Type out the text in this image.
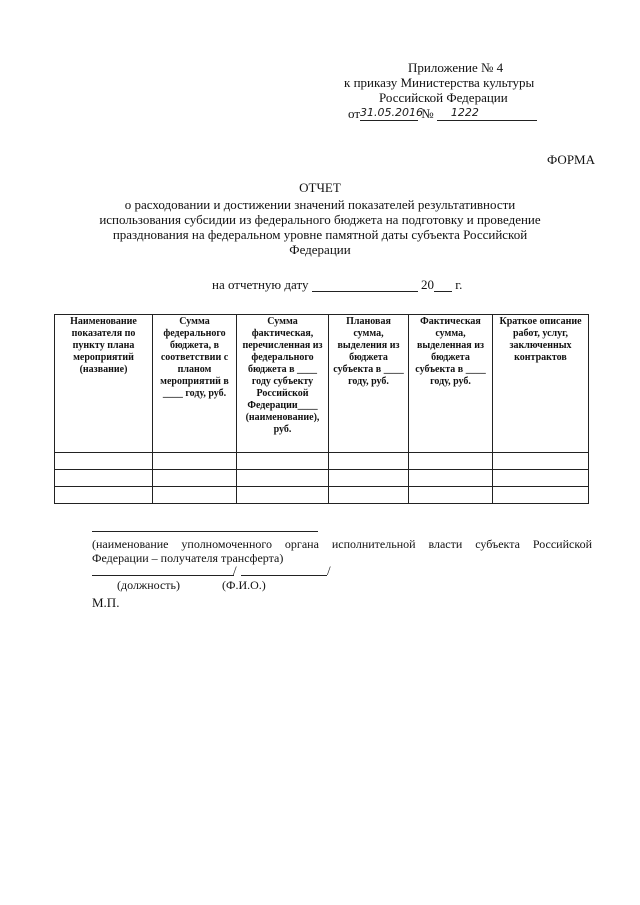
Приложение № 4
к приказу Министерства культуры
Российской Федерации
от31.05.2016 № 1222
ФОРМА
ОТЧЕТ
о расходовании и достижении значений показателей результативности использования субсидии из федерального бюджета на подготовку и проведение празднования на федеральном уровне памятной даты субъекта Российской Федерации
на отчетную дату	20 г.
Наименование показателя по пункту плана мероприятий (название)	Сумма федерального бюджета, в соответствии с планом мероприятий в ____ году, руб.	Сумма фактическая, перечисленная из федерального бюджета в ____ году субъекту Российской Федерации____ (наименование), руб.	Плановая сумма, выделения из бюджета субъекта в ____ году, руб.	Фактическая сумма, выделенная из бюджета субъекта в ____ году, руб.	Краткое описание работ, услуг, заключенных контрактов

(наименование уполномоченного органа исполнительной власти субъекта Российской Федерации – получателя трансферта)
/	/
(должность)	(Ф.И.О.)
М.П.
